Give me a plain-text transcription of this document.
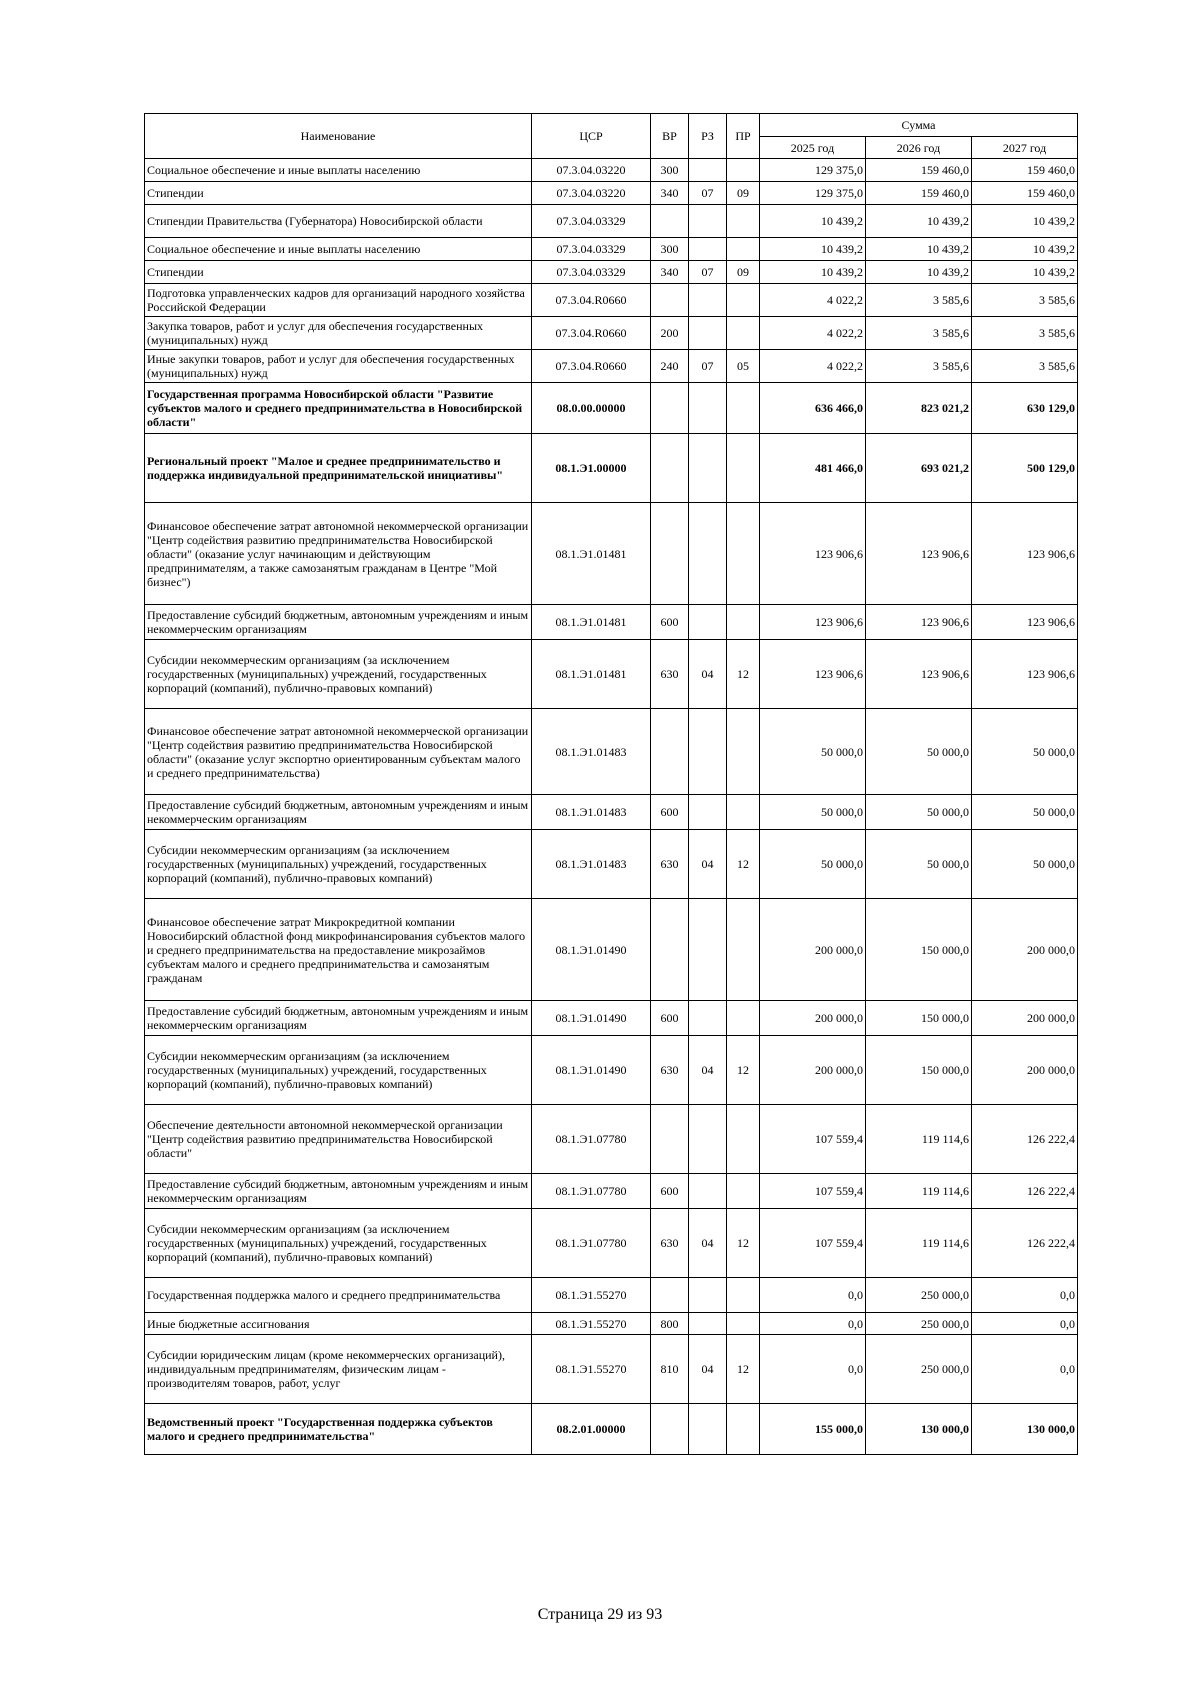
Наименование	ЦСР	ВР	РЗ	ПР	Сумма		
					2025 год	2026 год	2027 год
Социальное обеспечение и иные выплаты населению	07.3.04.03220	300			129 375,0	159 460,0	159 460,0
Стипендии	07.3.04.03220	340	07	09	129 375,0	159 460,0	159 460,0
Стипендии Правительства (Губернатора) Новосибирской области	07.3.04.03329				10 439,2	10 439,2	10 439,2
Социальное обеспечение и иные выплаты населению	07.3.04.03329	300			10 439,2	10 439,2	10 439,2
Стипендии	07.3.04.03329	340	07	09	10 439,2	10 439,2	10 439,2
Подготовка управленческих кадров для организаций народного хозяйства Российской Федерации	07.3.04.R0660				4 022,2	3 585,6	3 585,6
Закупка товаров, работ и услуг для обеспечения государственных (муниципальных) нужд	07.3.04.R0660	200			4 022,2	3 585,6	3 585,6
Иные закупки товаров, работ и услуг для обеспечения государственных (муниципальных) нужд	07.3.04.R0660	240	07	05	4 022,2	3 585,6	3 585,6
Государственная программа Новосибирской области "Развитие субъектов малого и среднего предпринимательства в Новосибирской области"	08.0.00.00000				636 466,0	823 021,2	630 129,0
Региональный проект "Малое и среднее предпринимательство и поддержка индивидуальной предпринимательской инициативы"	08.1.Э1.00000				481 466,0	693 021,2	500 129,0
Финансовое обеспечение затрат автономной некоммерческой организации "Центр содействия развитию предпринимательства Новосибирской области" (оказание услуг начинающим и действующим предпринимателям, а также самозанятым гражданам в Центре "Мой бизнес")	08.1.Э1.01481				123 906,6	123 906,6	123 906,6
Предоставление субсидий бюджетным, автономным учреждениям и иным некоммерческим организациям	08.1.Э1.01481	600			123 906,6	123 906,6	123 906,6
Субсидии некоммерческим организациям (за исключением государственных (муниципальных) учреждений, государственных корпораций (компаний), публично-правовых компаний)	08.1.Э1.01481	630	04	12	123 906,6	123 906,6	123 906,6
Финансовое обеспечение затрат автономной некоммерческой организации "Центр содействия развитию предпринимательства Новосибирской области" (оказание услуг экспортно ориентированным субъектам малого и среднего предпринимательства)	08.1.Э1.01483				50 000,0	50 000,0	50 000,0
Предоставление субсидий бюджетным, автономным учреждениям и иным некоммерческим организациям	08.1.Э1.01483	600			50 000,0	50 000,0	50 000,0
Субсидии некоммерческим организациям (за исключением государственных (муниципальных) учреждений, государственных корпораций (компаний), публично-правовых компаний)	08.1.Э1.01483	630	04	12	50 000,0	50 000,0	50 000,0
Финансовое обеспечение затрат Микрокредитной компании Новосибирский областной фонд микрофинансирования субъектов малого и среднего предпринимательства на предоставление микрозаймов субъектам малого и среднего предпринимательства и самозанятым гражданам	08.1.Э1.01490				200 000,0	150 000,0	200 000,0
Предоставление субсидий бюджетным, автономным учреждениям и иным некоммерческим организациям	08.1.Э1.01490	600			200 000,0	150 000,0	200 000,0
Субсидии некоммерческим организациям (за исключением государственных (муниципальных) учреждений, государственных корпораций (компаний), публично-правовых компаний)	08.1.Э1.01490	630	04	12	200 000,0	150 000,0	200 000,0
Обеспечение деятельности автономной некоммерческой организации "Центр содействия развитию предпринимательства Новосибирской области"	08.1.Э1.07780				107 559,4	119 114,6	126 222,4
Предоставление субсидий бюджетным, автономным учреждениям и иным некоммерческим организациям	08.1.Э1.07780	600			107 559,4	119 114,6	126 222,4
Субсидии некоммерческим организациям (за исключением государственных (муниципальных) учреждений, государственных корпораций (компаний), публично-правовых компаний)	08.1.Э1.07780	630	04	12	107 559,4	119 114,6	126 222,4
Государственная поддержка малого и среднего предпринимательства	08.1.Э1.55270				0,0	250 000,0	0,0
Иные бюджетные ассигнования	08.1.Э1.55270	800			0,0	250 000,0	0,0
Субсидии юридическим лицам (кроме некоммерческих организаций), индивидуальным предпринимателям, физическим лицам - производителям товаров, работ, услуг	08.1.Э1.55270	810	04	12	0,0	250 000,0	0,0
Ведомственный проект "Государственная поддержка субъектов малого и среднего предпринимательства"	08.2.01.00000				155 000,0	130 000,0	130 000,0
Страница 29 из 93
